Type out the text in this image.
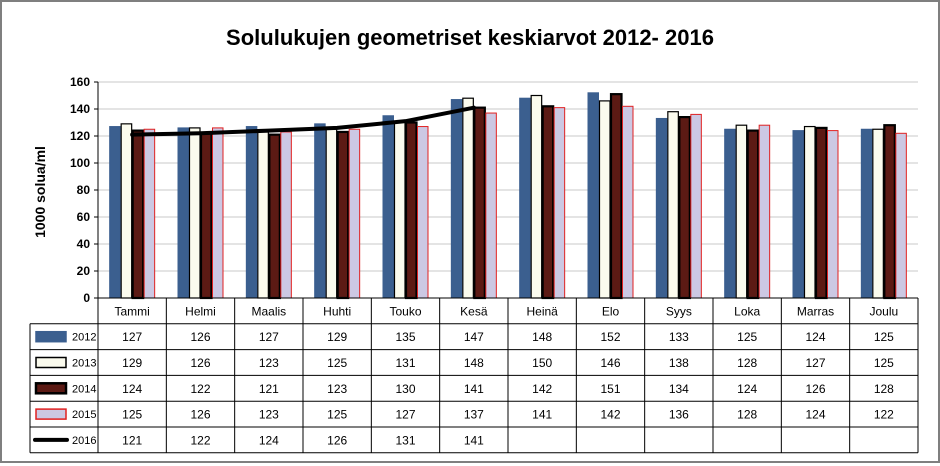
Solulukujen geometriset keskiarvot 2012- 2016
1000 solua/ml
0
20
40
60
80
100
120
140
160
Tammi	Helmi	Maalis	Huhti	Touko	Kesä	Heinä	Elo	Syys	Loka	Marras	Joulu
2012 127	126	127	129	135	147	148	152	133	125	124	125
2013 129	126	123	125	131	148	150	146	138	128	127	125
2014 124	122	121	123	130	141	142	151	134	124	126	128
2015 125	126	123	125	127	137	141	142	136	128	124	122
2016 121	122	124	126	131	141
